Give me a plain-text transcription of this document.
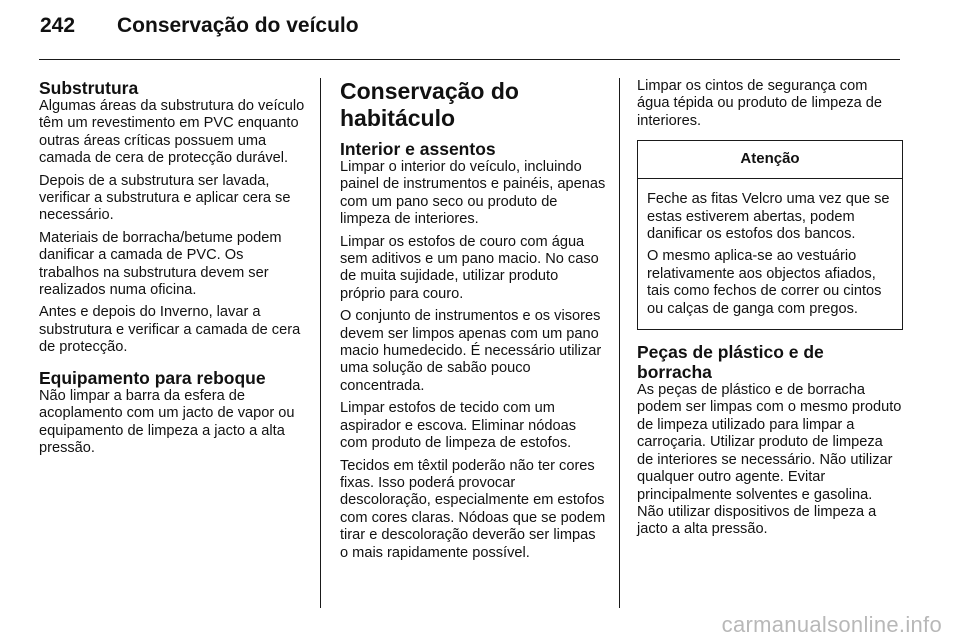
242 Conservação do veículo
Substrutura

Algumas áreas da substrutura do veículo têm um revestimento em PVC enquanto outras áreas críticas possuem uma camada de cera de protecção durável.

Depois de a substrutura ser lavada, verificar a substrutura e aplicar cera se necessário.

Materiais de borracha/betume podem danificar a camada de PVC. Os trabalhos na substrutura devem ser realizados numa oficina.

Antes e depois do Inverno, lavar a substrutura e verificar a camada de cera de protecção.

Equipamento para reboque

Não limpar a barra da esfera de acoplamento com um jacto de vapor ou equipamento de limpeza a jacto a alta pressão.

Conservação do habitáculo
Interior e assentos

Limpar o interior do veículo, incluindo painel de instrumentos e painéis, apenas com um pano seco ou produto de limpeza de interiores.

Limpar os estofos de couro com água sem aditivos e um pano macio. No caso de muita sujidade, utilizar produto próprio para couro.

O conjunto de instrumentos e os visores devem ser limpos apenas com um pano macio humedecido. É necessário utilizar uma solução de sabão pouco concentrada.

Limpar estofos de tecido com um aspirador e escova. Eliminar nódoas com produto de limpeza de estofos.

Tecidos em têxtil poderão não ter cores fixas. Isso poderá provocar descoloração, especialmente em estofos com cores claras. Nódoas que se podem tirar e descoloração deverão ser limpas o mais rapidamente possível.

Limpar os cintos de segurança com água tépida ou produto de limpeza de interiores.

Atenção

Feche as fitas Velcro uma vez que se estas estiverem abertas, podem danificar os estofos dos bancos.

O mesmo aplica-se ao vestuário relativamente aos objectos afiados, tais como fechos de correr ou cintos ou calças de ganga com pregos.

Peças de plástico e de borracha

As peças de plástico e de borracha podem ser limpas com o mesmo produto de limpeza utilizado para limpar a carroçaria. Utilizar produto de limpeza de interiores se necessário. Não utilizar qualquer outro agente. Evitar principalmente solventes e gasolina. Não utilizar dispositivos de limpeza a jacto a alta pressão.

carmanualsonline.info
